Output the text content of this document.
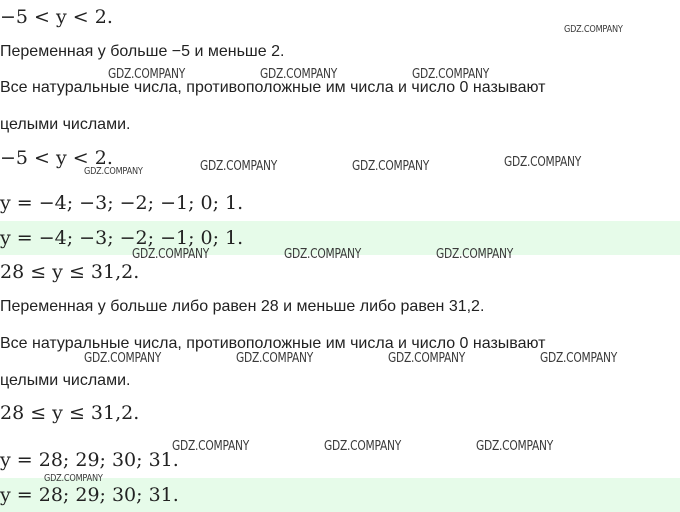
−5 < y < 2.
Переменная y больше −5 и меньше 2.
Все натуральные числа, противоположные им числа и число 0 называют
целыми числами.
−5 < y < 2.
y = −4; −3; −2; −1; 0; 1.
y = −4; −3; −2; −1; 0; 1.
28 ≤ y ≤ 31,2.
Переменная y больше либо равен 28 и меньше либо равен 31,2.
Все натуральные числа, противоположные им числа и число 0 называют
целыми числами.
28 ≤ y ≤ 31,2.
y = 28; 29; 30; 31.
y = 28; 29; 30; 31.
GDZ.COMPANY
GDZ.COMPANY	GDZ.COMPANY	GDZ.COMPANY
GDZ.COMPANY	GDZ.COMPANY	GDZ.COMPANY
GDZ.COMPANY
GDZ.COMPANY	GDZ.COMPANY	GDZ.COMPANY
GDZ.COMPANY	GDZ.COMPANY	GDZ.COMPANY	GDZ.COMPANY
GDZ.COMPANY	GDZ.COMPANY	GDZ.COMPANY
GDZ.COMPANY
